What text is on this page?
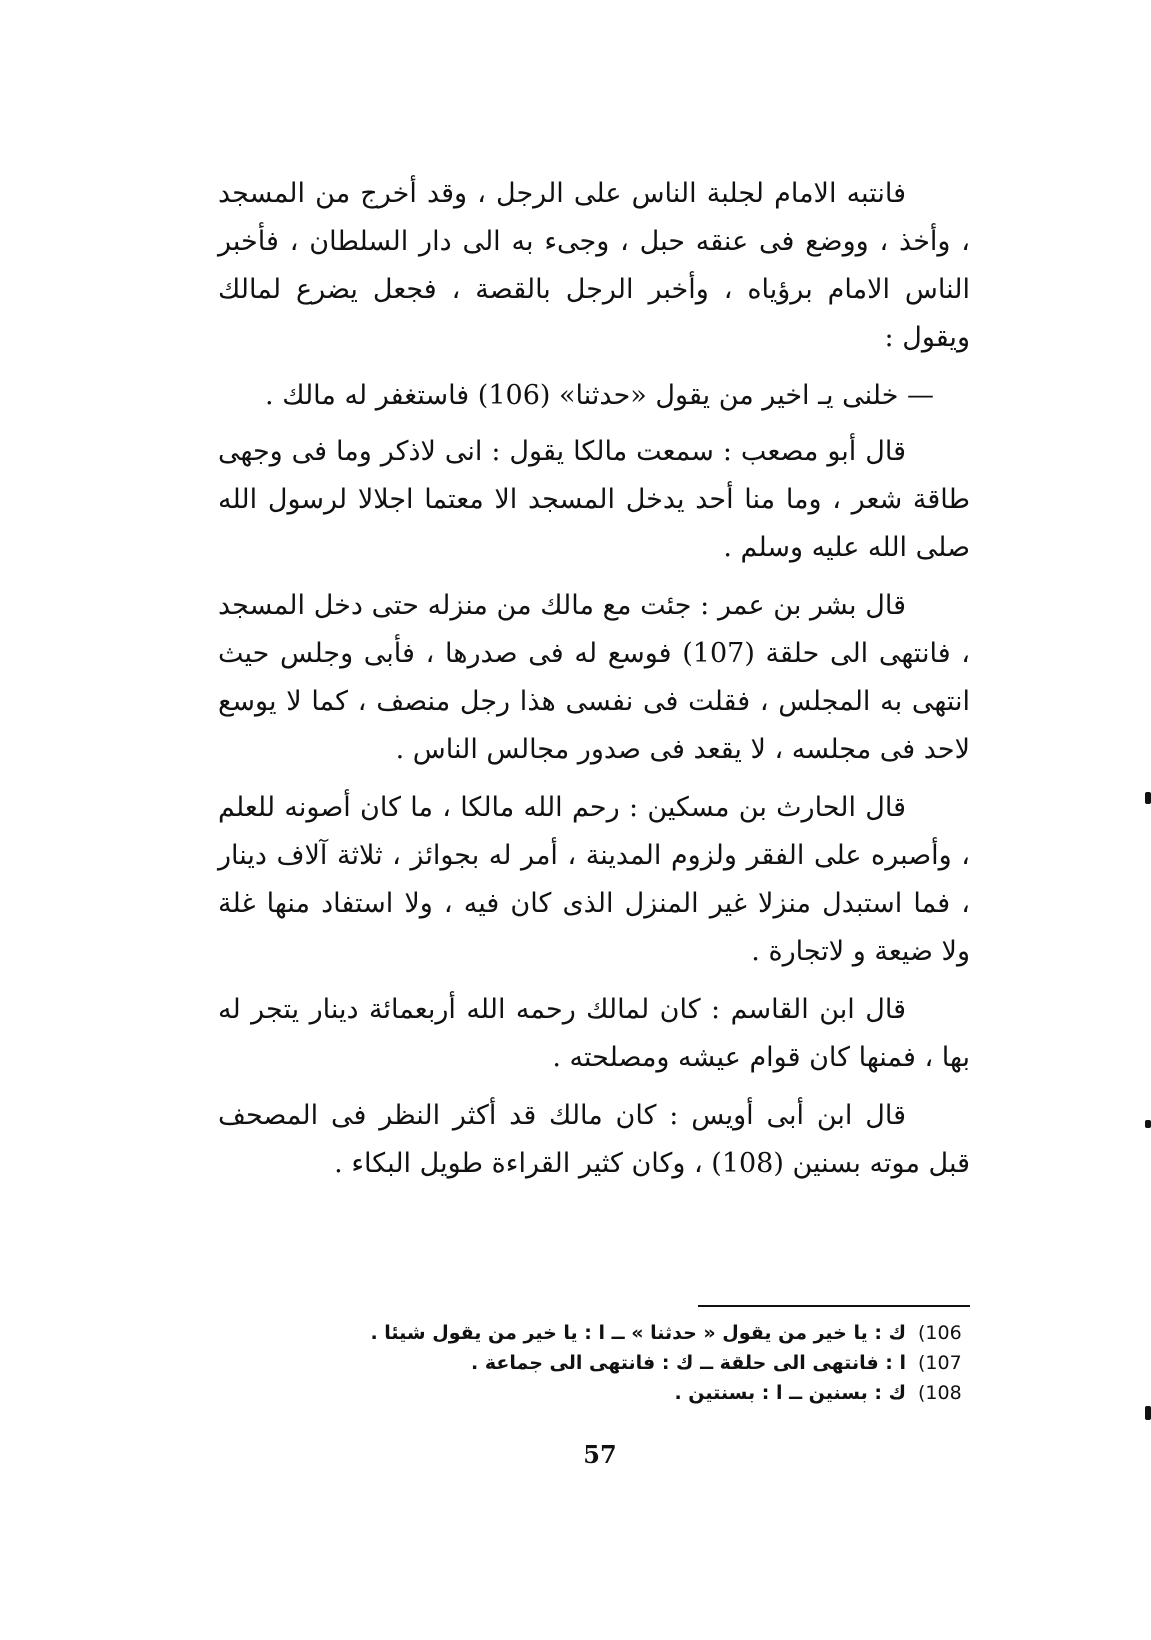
فانتبه الامام لجلبة الناس على الرجل ، وقد أخرج من المسجد ، وأخذ ، ووضع فى عنقه حبل ، وجىء به الى دار السلطان ، فأخبر الناس الامام برؤياه ، وأخبر الرجل بالقصة ، فجعل يضرع لمالك ويقول :

— خلنى يـ اخير من يقول «حدثنا» (106) فاستغفر له مالك .

قال أبو مصعب : سمعت مالكا يقول : انى لاذكر وما فى وجهى طاقة شعر ، وما منا أحد يدخل المسجد الا معتما اجلالا لرسول الله صلى الله عليه وسلم .

قال بشر بن عمر : جئت مع مالك من منزله حتى دخل المسجد ، فانتهى الى حلقة (107) فوسع له فى صدرها ، فأبى وجلس حيث انتهى به المجلس ، فقلت فى نفسى هذا رجل منصف ، كما لا يوسع لاحد فى مجلسه ، لا يقعد فى صدور مجالس الناس .

قال الحارث بن مسكين : رحم الله مالكا ، ما كان أصونه للعلم ، وأصبره على الفقر ولزوم المدينة ، أمر له بجوائز ، ثلاثة آلاف دينار ، فما استبدل منزلا غير المنزل الذى كان فيه ، ولا استفاد منها غلة ولا ضيعة و لاتجارة .

قال ابن القاسم : كان لمالك رحمه الله أربعمائة دينار يتجر له بها ، فمنها كان قوام عيشه ومصلحته .

قال ابن أبى أويس : كان مالك قد أكثر النظر فى المصحف قبل موته بسنين (108) ، وكان كثير القراءة طويل البكاء .

(106
ك : يا خير من يقول « حدثنا » ــ ا : يا خير من يقول شيئا .
(107
ا : فانتهى الى حلقة ــ ك : فانتهى الى جماعة .
(108
ك : بسنين ــ ا : بسنتين .
57
